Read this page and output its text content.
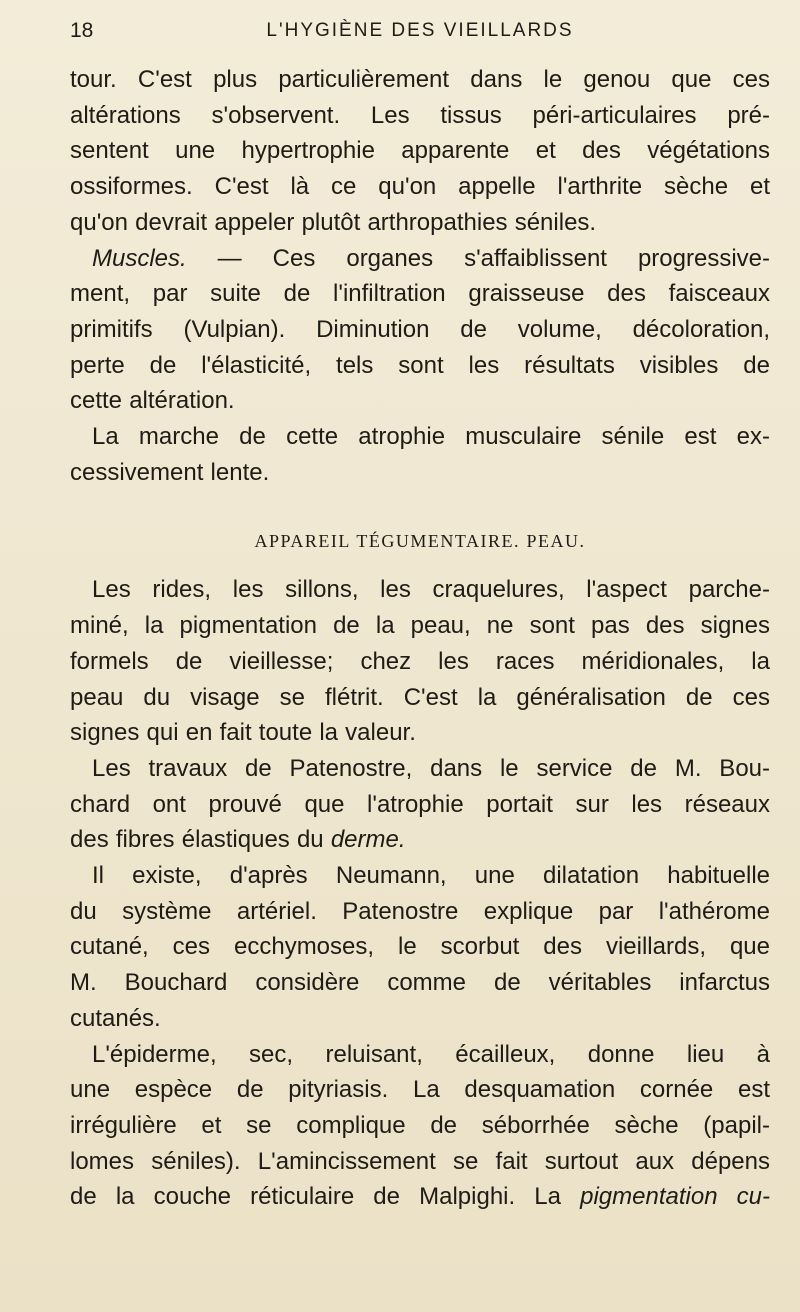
18	L'HYGIÈNE DES VIEILLARDS
tour. C'est plus particulièrement dans le genou que ces
altérations s'observent. Les tissus péri-articulaires pré-
sentent une hypertrophie apparente et des végétations
ossiformes. C'est là ce qu'on appelle l'arthrite sèche et
qu'on devrait appeler plutôt arthropathies séniles.
Muscles. — Ces organes s'affaiblissent progressive-
ment, par suite de l'infiltration graisseuse des faisceaux
primitifs (Vulpian). Diminution de volume, décoloration,
perte de l'élasticité, tels sont les résultats visibles de
cette altération.
La marche de cette atrophie musculaire sénile est ex-
cessivement lente.
APPAREIL TÉGUMENTAIRE. PEAU.
Les rides, les sillons, les craquelures, l'aspect parche-
miné, la pigmentation de la peau, ne sont pas des signes
formels de vieillesse; chez les races méridionales, la
peau du visage se flétrit. C'est la généralisation de ces
signes qui en fait toute la valeur.
Les travaux de Patenostre, dans le service de M. Bou-
chard ont prouvé que l'atrophie portait sur les réseaux
des fibres élastiques du derme.
Il existe, d'après Neumann, une dilatation habituelle
du système artériel. Patenostre explique par l'athérome
cutané, ces ecchymoses, le scorbut des vieillards, que
M. Bouchard considère comme de véritables infarctus
cutanés.
L'épiderme, sec, reluisant, écailleux, donne lieu à
une espèce de pityriasis. La desquamation cornée est
irrégulière et se complique de séborrhée sèche (papil-
lomes séniles). L'amincissement se fait surtout aux dépens
de la couche réticulaire de Malpighi. La pigmentation cu-
